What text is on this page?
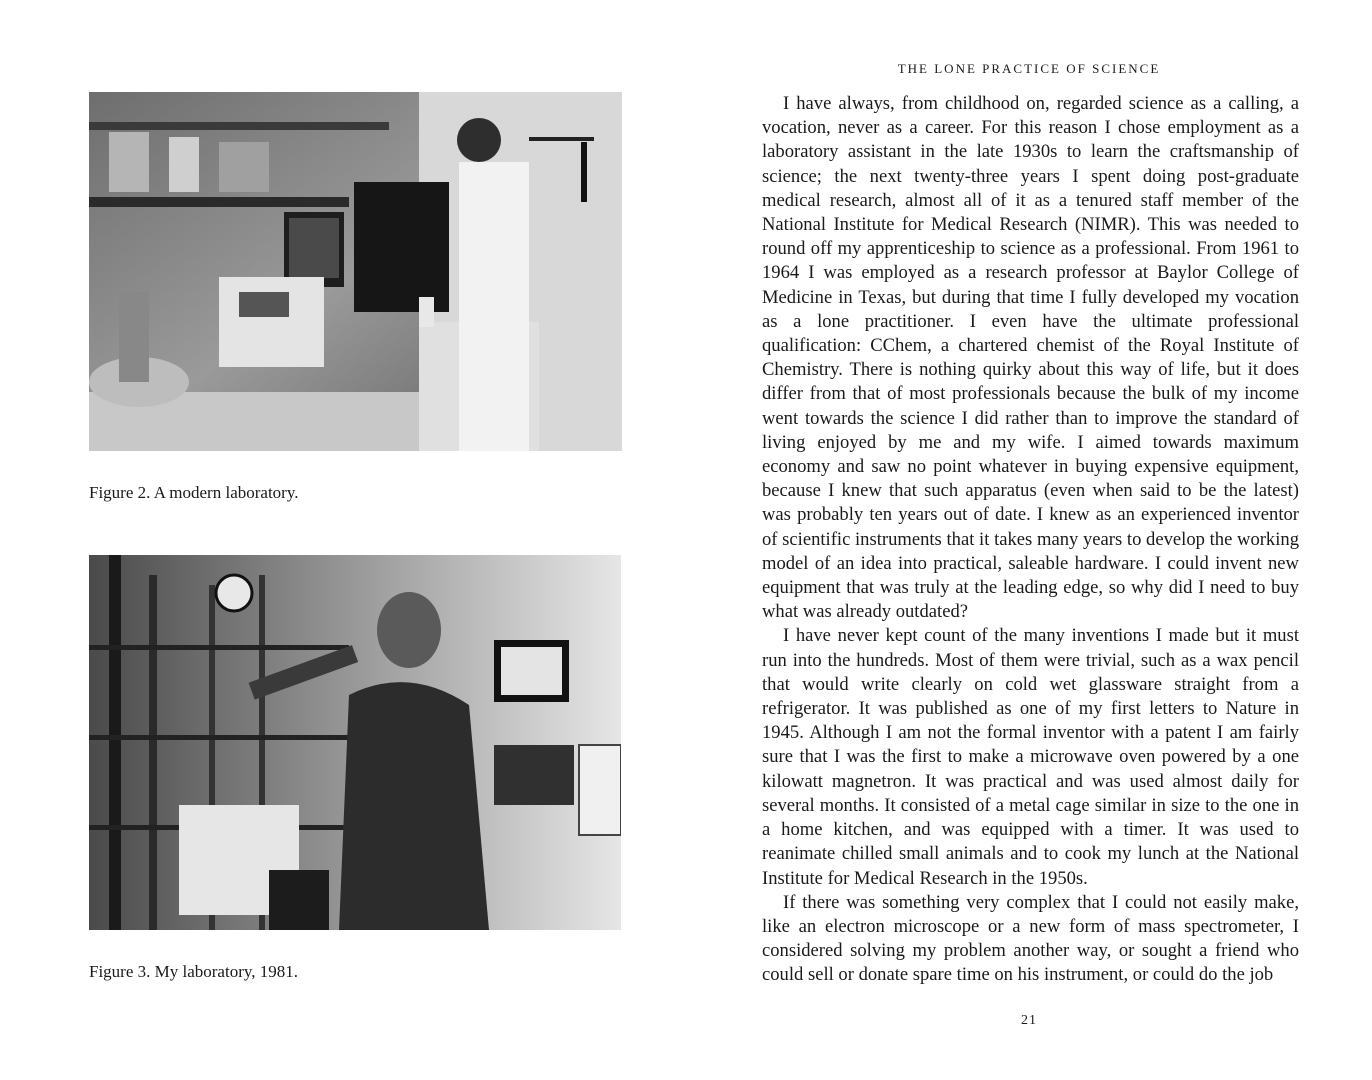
Figure 2. A modern laboratory.
Figure 3. My laboratory, 1981.
THE LONE PRACTICE OF SCIENCE

I have always, from childhood on, regarded science as a calling, a vocation, never as a career. For this reason I chose employment as a laboratory assistant in the late 1930s to learn the craftsmanship of science; the next twenty-three years I spent doing post-graduate medical research, almost all of it as a tenured staff member of the National Institute for Medical Research (NIMR). This was needed to round off my apprenticeship to science as a professional. From 1961 to 1964 I was employed as a research professor at Baylor College of Medicine in Texas, but during that time I fully developed my vocation as a lone practitioner. I even have the ultimate professional qualification: CChem, a chartered chemist of the Royal Institute of Chemistry. There is nothing quirky about this way of life, but it does differ from that of most professionals because the bulk of my income went towards the science I did rather than to improve the standard of living enjoyed by me and my wife. I aimed towards maximum economy and saw no point whatever in buying expensive equipment, because I knew that such apparatus (even when said to be the latest) was probably ten years out of date. I knew as an experienced inventor of scientific instruments that it takes many years to develop the working model of an idea into practical, saleable hardware. I could invent new equipment that was truly at the leading edge, so why did I need to buy what was already outdated?

I have never kept count of the many inventions I made but it must run into the hundreds. Most of them were trivial, such as a wax pencil that would write clearly on cold wet glassware straight from a refrigerator. It was published as one of my first letters to Nature in 1945. Although I am not the formal inventor with a patent I am fairly sure that I was the first to make a microwave oven powered by a one kilowatt magnetron. It was practical and was used almost daily for several months. It consisted of a metal cage similar in size to the one in a home kitchen, and was equipped with a timer. It was used to reanimate chilled small animals and to cook my lunch at the National Institute for Medical Research in the 1950s.

If there was something very complex that I could not easily make, like an electron microscope or a new form of mass spectrometer, I considered solving my problem another way, or sought a friend who could sell or donate spare time on his instrument, or could do the job

21
